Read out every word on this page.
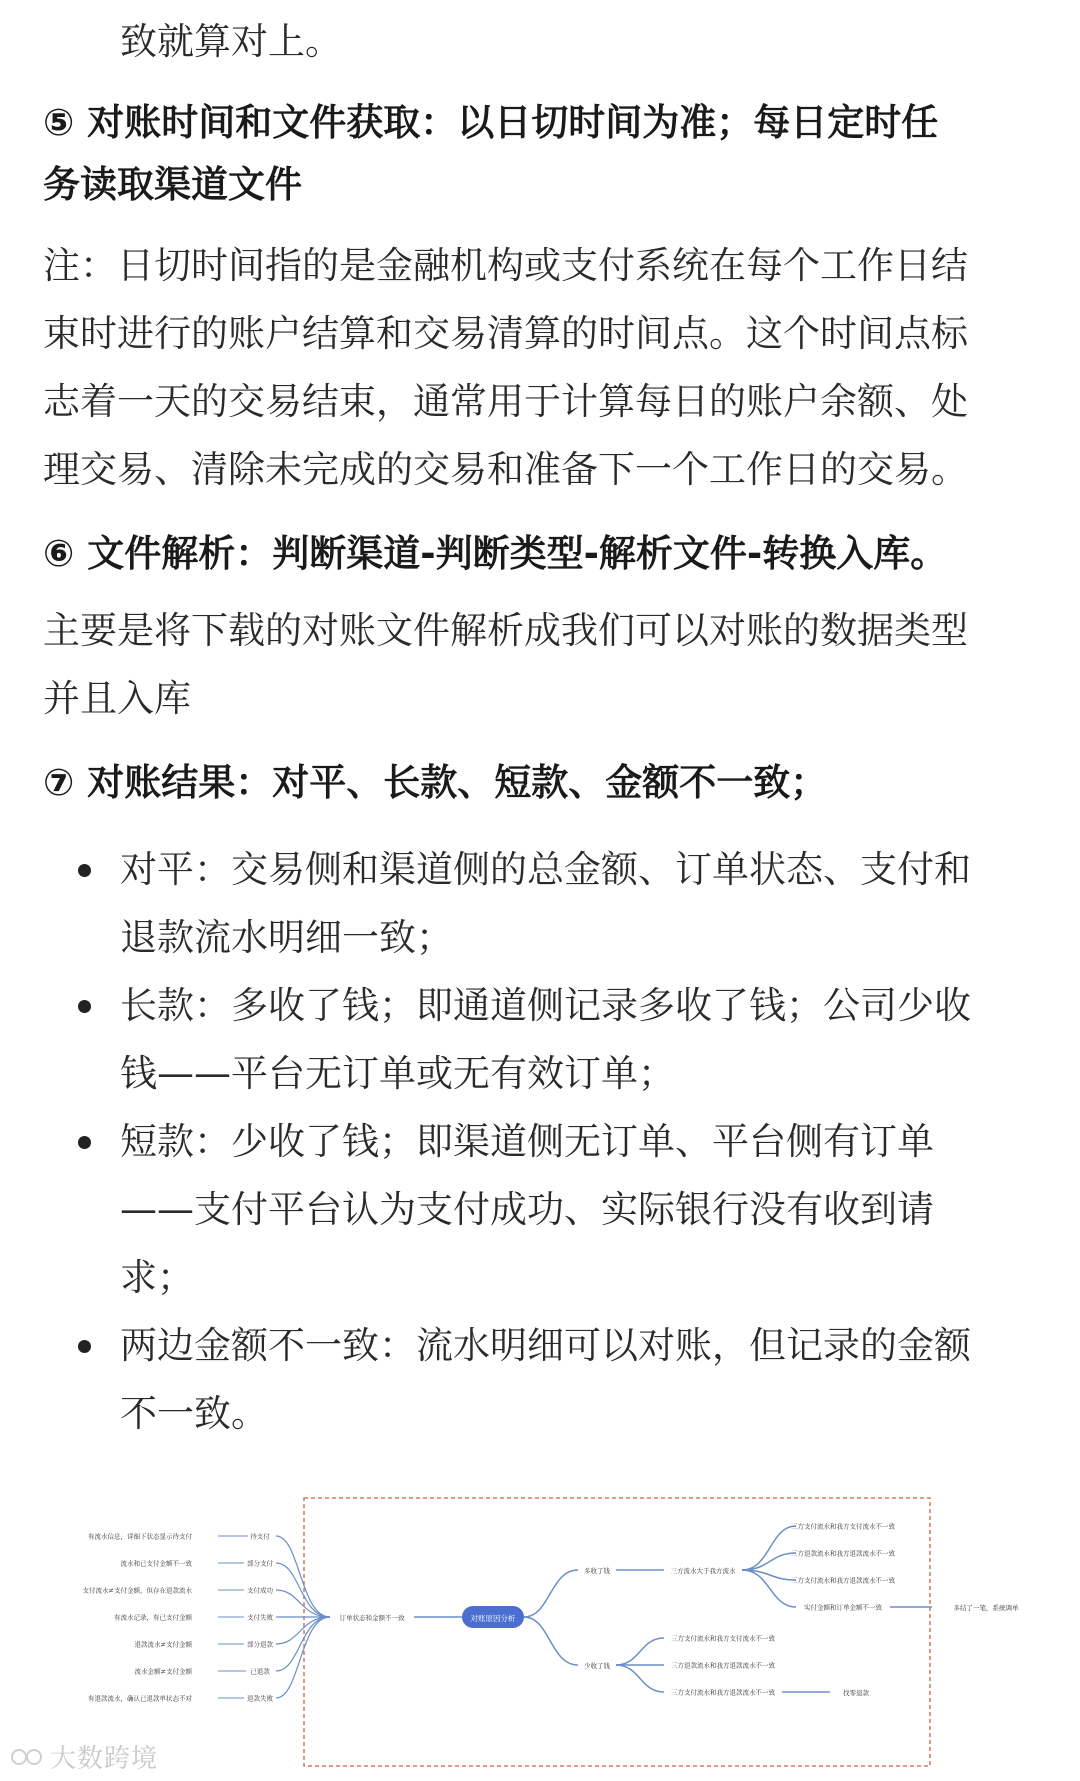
致就算对上。
⑤ 对账时间和文件获取：以日切时间为准；每日定时任
务读取渠道文件
注：日切时间指的是金融机构或支付系统在每个工作日结
束时进行的账户结算和交易清算的时间点。这个时间点标
志着一天的交易结束，通常用于计算每日的账户余额、处
理交易、清除未完成的交易和准备下一个工作日的交易。
⑥ 文件解析：判断渠道-判断类型-解析文件-转换入库。
主要是将下载的对账文件解析成我们可以对账的数据类型
并且入库
⑦ 对账结果：对平、长款、短款、金额不一致；
对平：交易侧和渠道侧的总金额、订单状态、支付和
退款流水明细一致；
长款：多收了钱；即通道侧记录多收了钱；公司少收
钱——平台无订单或无有效订单；
短款：少收了钱；即渠道侧无订单、平台侧有订单
——支付平台认为支付成功、实际银行没有收到请
求；
两边金额不一致：流水明细可以对账，但记录的金额
不一致。
对账原因分析
订单状态和金额不一致
待支付
有流水信息，详细下状态显示待支付
部分支付
流水和已支付金额不一致
支付成功
支付流水≠支付金额，但存在退款流水
支付失败
有流水记录，有已支付金额
部分退款
退款流水≠支付金额
已退款
流水金额≠支付金额
退款失败
有退款流水，确认已退款单状态不对
多收了钱	三方流水大于我方流水
三方支付流水和我方支付流水不一致
三方退款流水和我方退款流水不一致
三方支付流水和我方退款流水不一致
实付金额和订单金额不一致	多结了一笔，系统调单
少收了钱
三方支付流水和我方支付流水不一致
三方退款流水和我方退款流水不一致
三方支付流水和我方退款流水不一致	找零退款
大数跨境
